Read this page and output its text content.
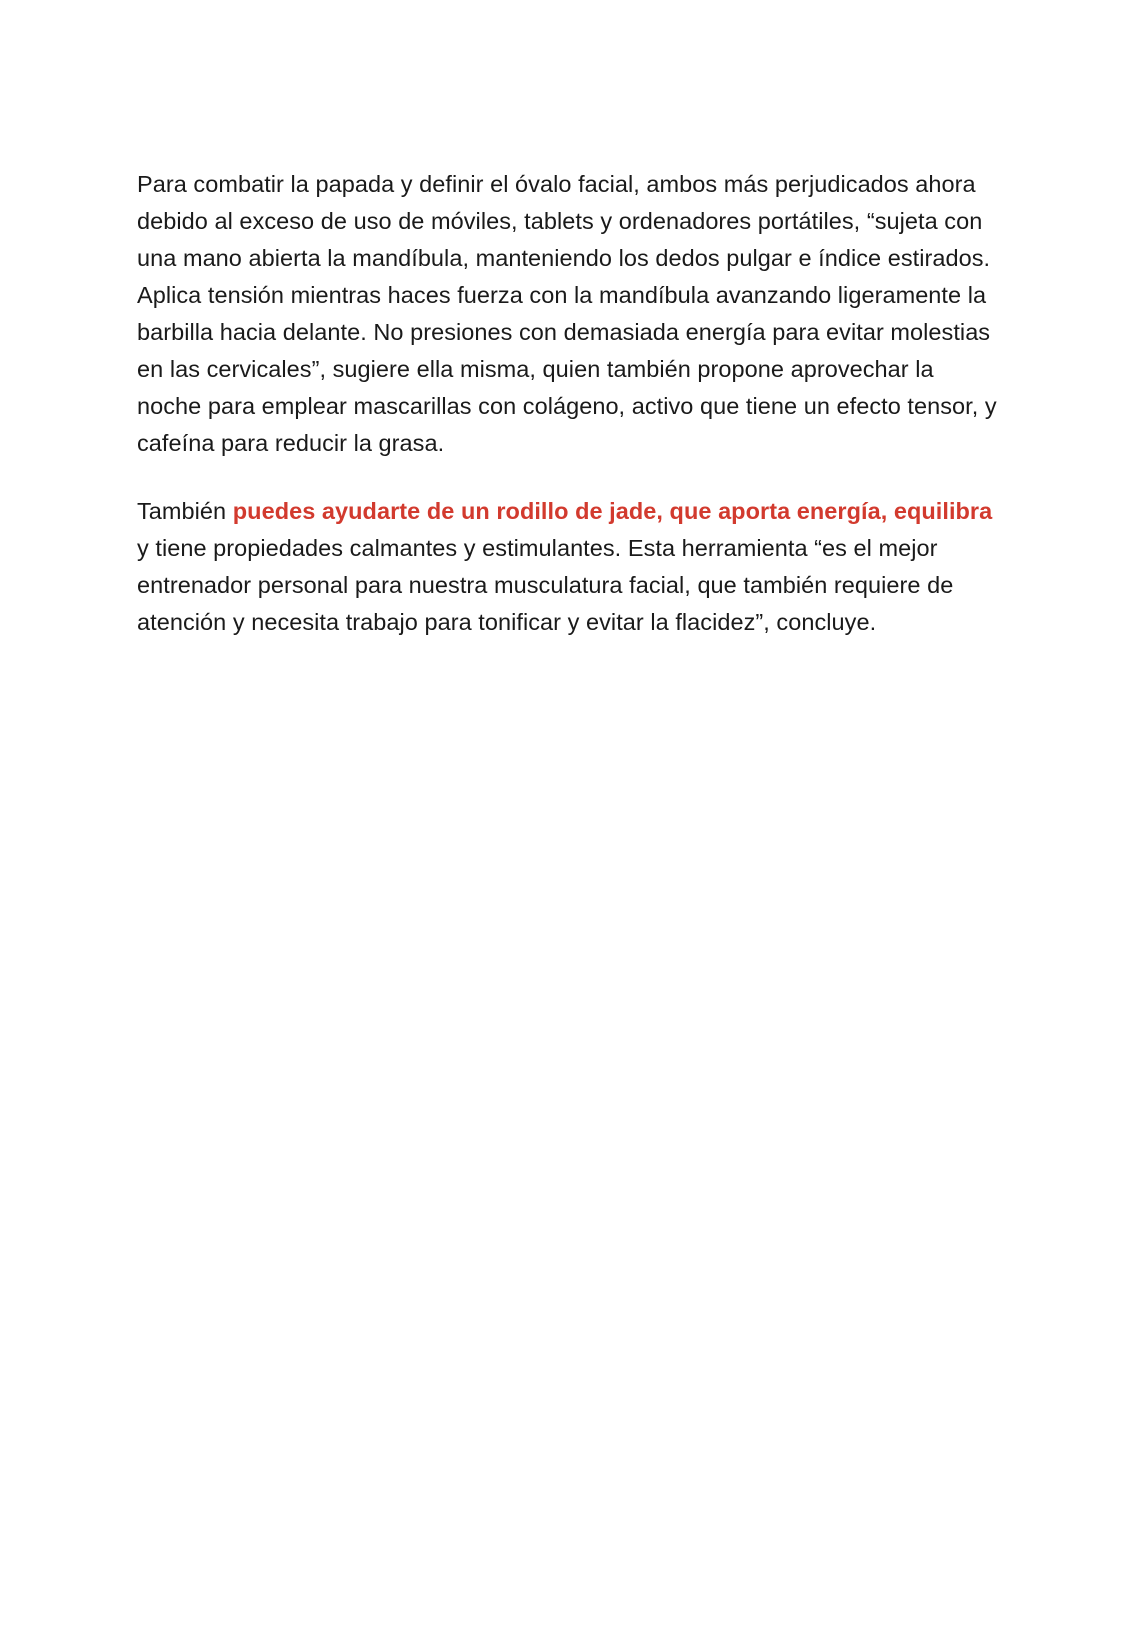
Para combatir la papada y definir el óvalo facial, ambos más perjudicados ahora debido al exceso de uso de móviles, tablets y ordenadores portátiles, “sujeta con una mano abierta la mandíbula, manteniendo los dedos pulgar e índice estirados. Aplica tensión mientras haces fuerza con la mandíbula avanzando ligeramente la barbilla hacia delante. No presiones con demasiada energía para evitar molestias en las cervicales”, sugiere ella misma, quien también propone aprovechar la noche para emplear mascarillas con colágeno, activo que tiene un efecto tensor, y cafeína para reducir la grasa.

También puedes ayudarte de un rodillo de jade, que aporta energía, equilibra y tiene propiedades calmantes y estimulantes. Esta herramienta “es el mejor entrenador personal para nuestra musculatura facial, que también requiere de atención y necesita trabajo para tonificar y evitar la flacidez”, concluye.
